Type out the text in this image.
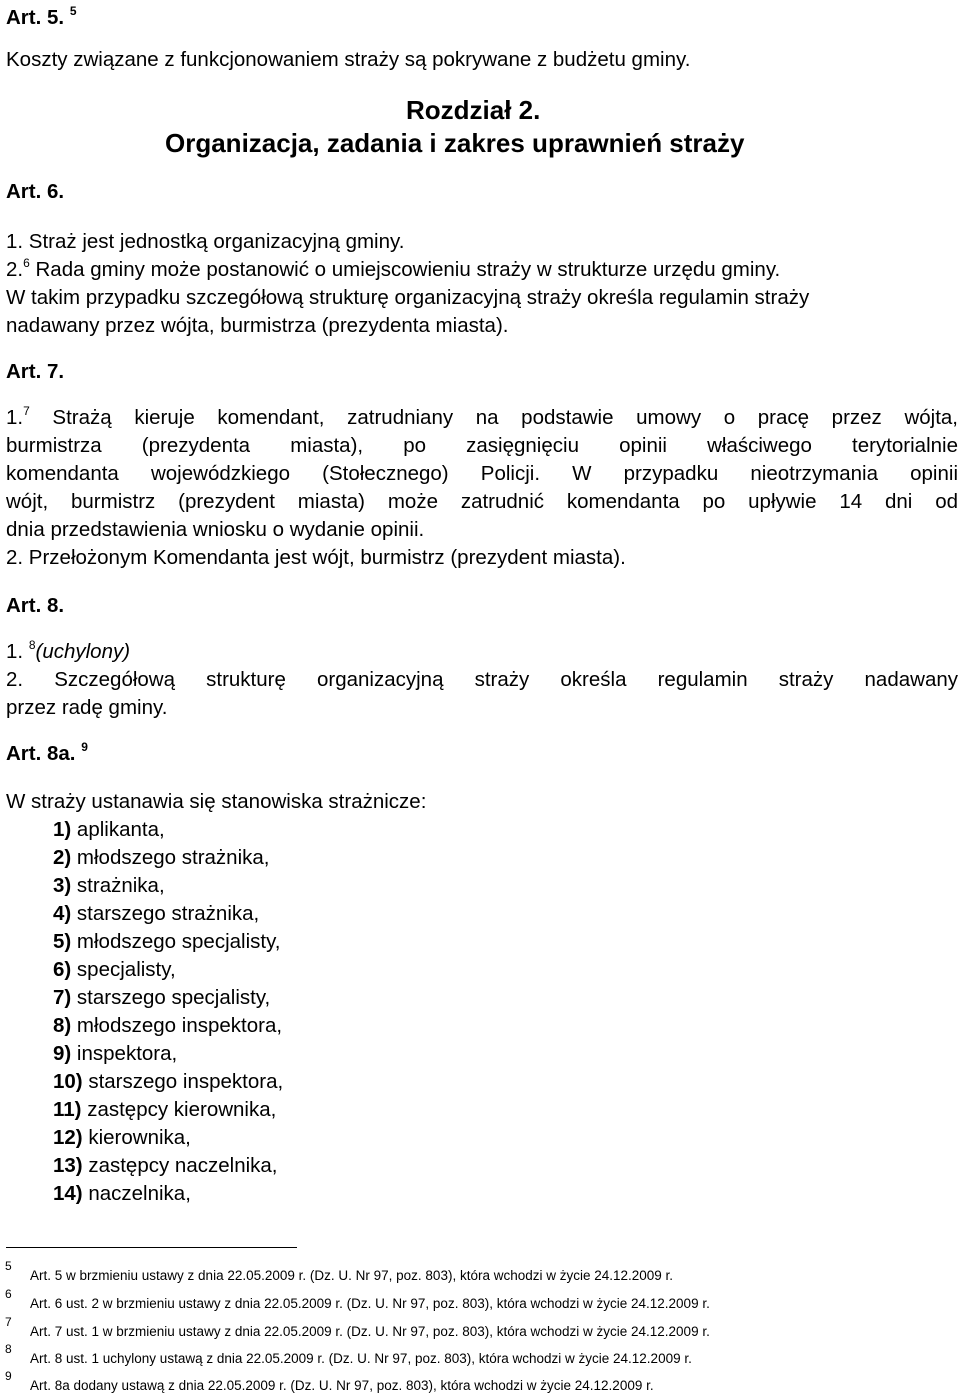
Art. 5. $^5$
Koszty związane z funkcjonowaniem straży są pokrywane z budżetu gminy.
Rozdział 2.
Organizacja, zadania i zakres uprawnień straży
Art. 6.
1. Straż jest jednostką organizacyjną gminy.
2.$^6$ Rada gminy może postanowić o umiejscowieniu straży w strukturze urzędu gminy.
W takim przypadku szczegółową strukturę organizacyjną straży określa regulamin straży
nadawany przez wójta, burmistrza (prezydenta miasta).
Art. 7.
1.$^7$ Strażą kieruje komendant, zatrudniany na podstawie umowy o pracę przez wójta,
burmistrza (prezydenta miasta), po zasięgnięciu opinii właściwego terytorialnie
komendanta wojewódzkiego (Stołecznego) Policji. W przypadku nieotrzymania opinii
wójt, burmistrz (prezydent miasta) może zatrudnić komendanta po upływie 14 dni od
dnia przedstawienia wniosku o wydanie opinii.
2. Przełożonym Komendanta jest wójt, burmistrz (prezydent miasta).
Art. 8.
1. $^8$(uchylony)
2. Szczegółową strukturę organizacyjną straży określa regulamin straży nadawany
przez radę gminy.
Art. 8a. $^9$
W straży ustanawia się stanowiska strażnicze:
1) aplikanta,
2) młodszego strażnika,
3) strażnika,
4) starszego strażnika,
5) młodszego specjalisty,
6) specjalisty,
7) starszego specjalisty,
8) młodszego inspektora,
9) inspektora,
10) starszego inspektora,
11) zastępcy kierownika,
12) kierownika,
13) zastępcy naczelnika,
14) naczelnika,
5
Art. 5 w brzmieniu ustawy z dnia 22.05.2009 r. (Dz. U. Nr 97, poz. 803), która wchodzi w życie 24.12.2009 r.
6
Art. 6 ust. 2 w brzmieniu ustawy z dnia 22.05.2009 r. (Dz. U. Nr 97, poz. 803), która wchodzi w życie 24.12.2009 r.
7
Art. 7 ust. 1 w brzmieniu ustawy z dnia 22.05.2009 r. (Dz. U. Nr 97, poz. 803), która wchodzi w życie 24.12.2009 r.
8
Art. 8 ust. 1 uchylony ustawą z dnia 22.05.2009 r. (Dz. U. Nr 97, poz. 803), która wchodzi w życie 24.12.2009 r.
9
Art. 8a dodany ustawą z dnia 22.05.2009 r. (Dz. U. Nr 97, poz. 803), która wchodzi w życie 24.12.2009 r.
